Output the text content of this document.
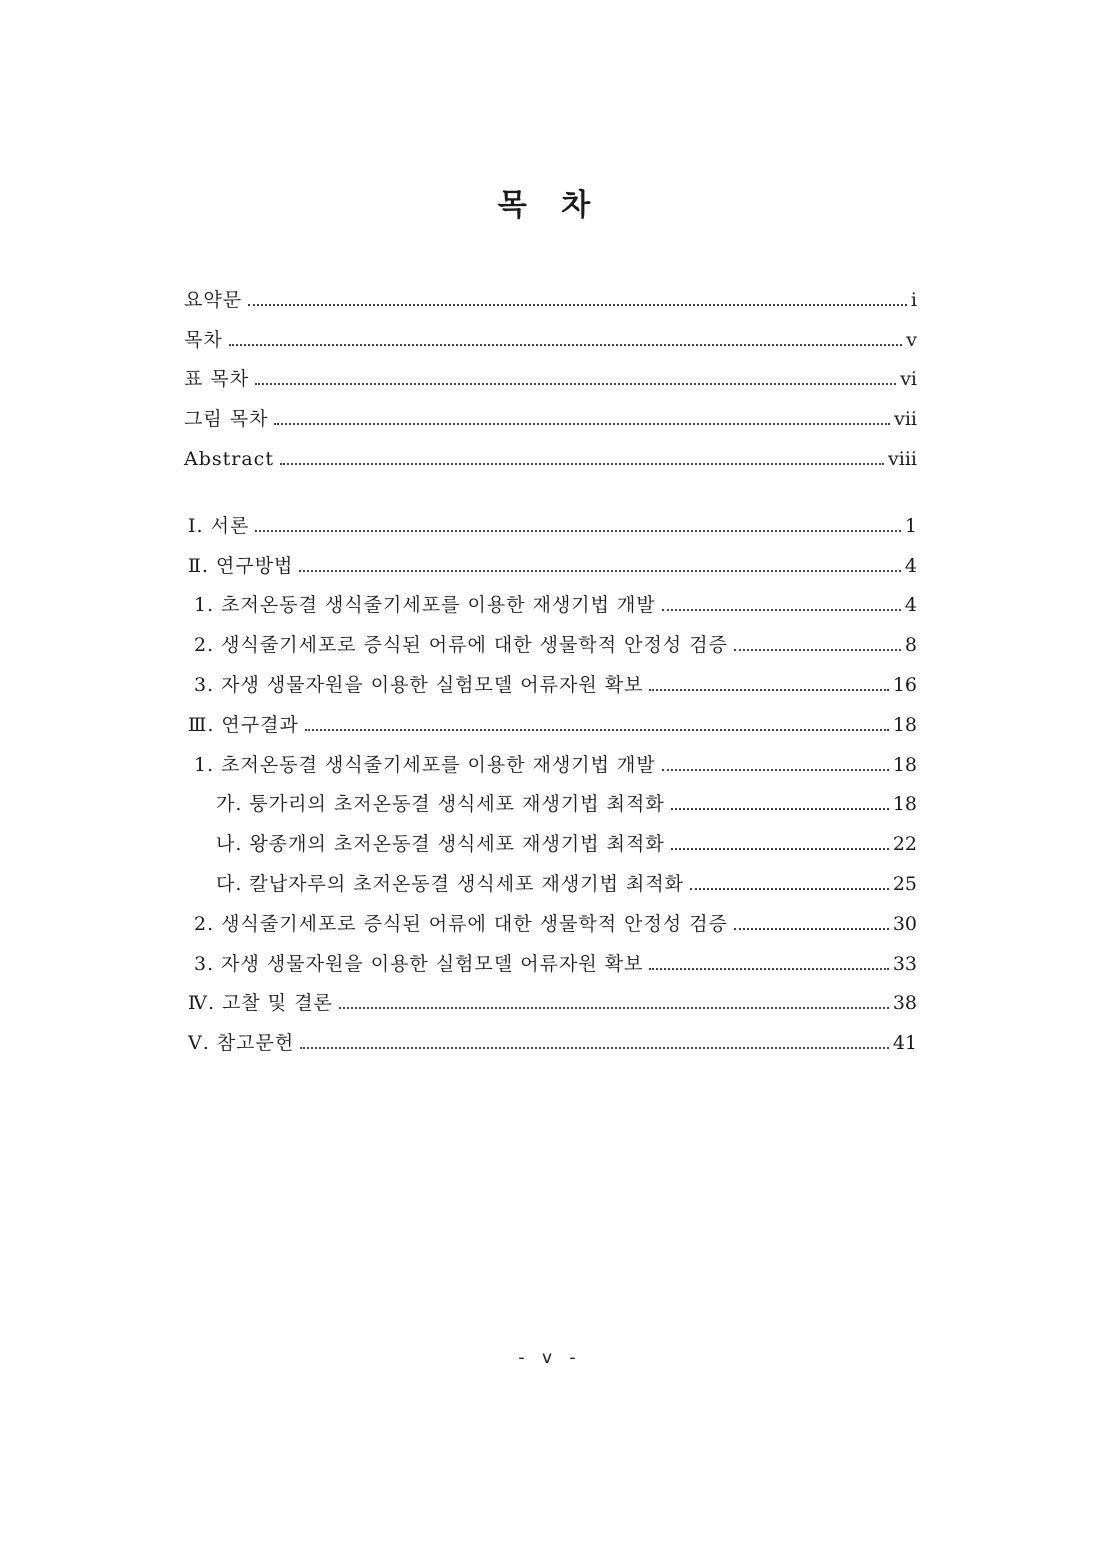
목 차
요약문	i
목차	v
표 목차	vi
그림 목차	vii
Abstract	viii
Ⅰ. 서론	1
Ⅱ. 연구방법	4
1. 초저온동결 생식줄기세포를 이용한 재생기법 개발	4
2. 생식줄기세포로 증식된 어류에 대한 생물학적 안정성 검증	8
3. 자생 생물자원을 이용한 실험모델 어류자원 확보	16
Ⅲ. 연구결과	18
1. 초저온동결 생식줄기세포를 이용한 재생기법 개발	18
가. 퉁가리의 초저온동결 생식세포 재생기법 최적화	18
나. 왕종개의 초저온동결 생식세포 재생기법 최적화	22
다. 칼납자루의 초저온동결 생식세포 재생기법 최적화	25
2. 생식줄기세포로 증식된 어류에 대한 생물학적 안정성 검증	30
3. 자생 생물자원을 이용한 실험모델 어류자원 확보	33
Ⅳ. 고찰 및 결론	38
Ⅴ. 참고문헌	41
- v -
